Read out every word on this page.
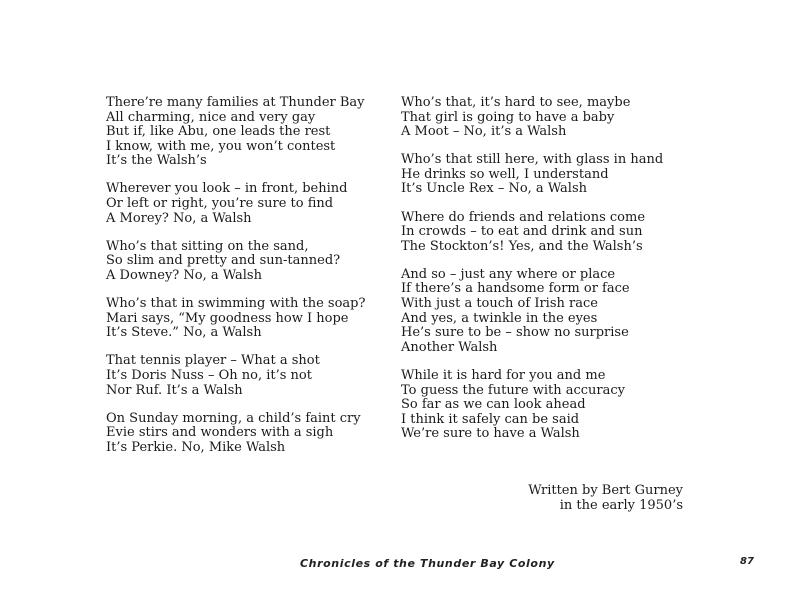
There’re many families at Thunder Bay
All charming, nice and very gay
But if, like Abu, one leads the rest
I know, with me, you won’t contest
It’s the Walsh’s
Wherever you look – in front, behind
Or left or right, you’re sure to find
A Morey? No, a Walsh
Who’s that sitting on the sand,
So slim and pretty and sun-tanned?
A Downey? No, a Walsh
Who’s that in swimming with the soap?
Mari says, “My goodness how I hope
It’s Steve.” No, a Walsh
That tennis player – What a shot
It’s Doris Nuss – Oh no, it’s not
Nor Ruf. It’s a Walsh
On Sunday morning, a child’s faint cry
Evie stirs and wonders with a sigh
It’s Perkie. No, Mike Walsh
Who’s that, it’s hard to see, maybe
That girl is going to have a baby
A Moot – No, it’s a Walsh
Who’s that still here, with glass in hand
He drinks so well, I understand
It’s Uncle Rex – No, a Walsh
Where do friends and relations come
In crowds – to eat and drink and sun
The Stockton’s! Yes, and the Walsh’s
And so – just any where or place
If there’s a handsome form or face
With just a touch of Irish race
And yes, a twinkle in the eyes
He’s sure to be – show no surprise
Another Walsh
While it is hard for you and me
To guess the future with accuracy
So far as we can look ahead
I think it safely can be said
We’re sure to have a Walsh
Written by Bert Gurney
in the early 1950’s
Chronicles of the Thunder Bay Colony	87
